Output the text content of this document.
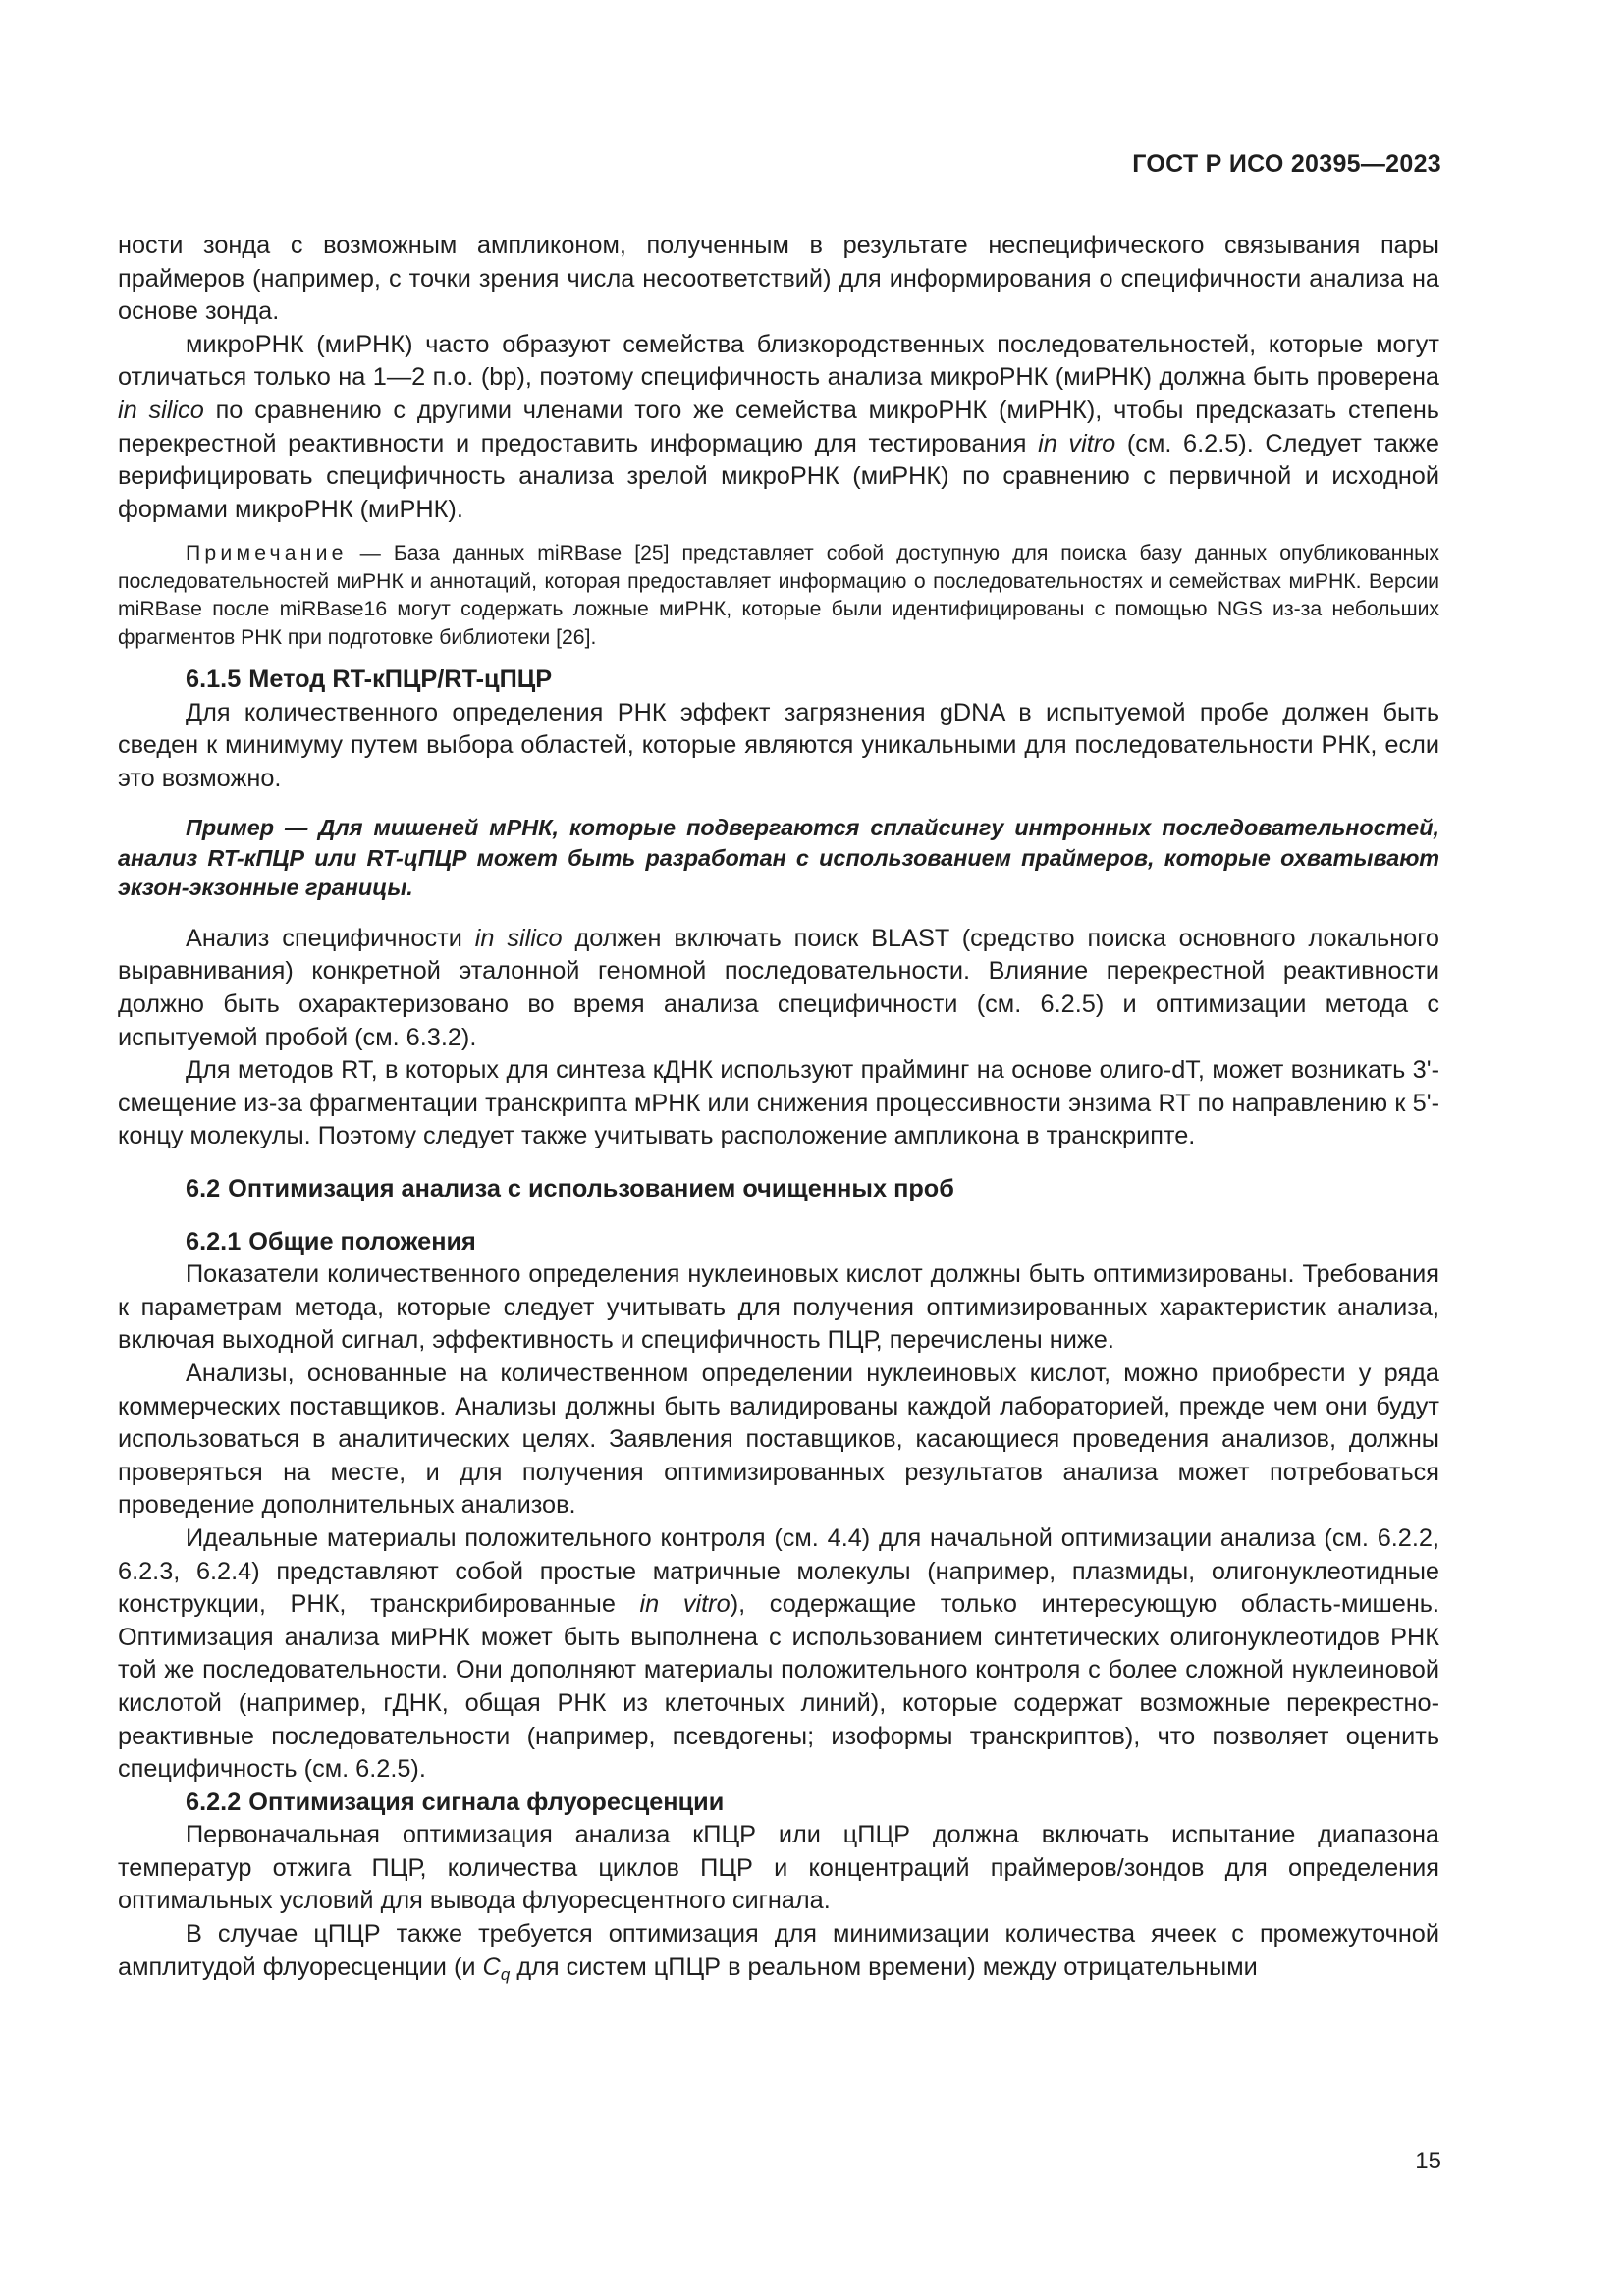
ГОСТ Р ИСО 20395—2023

ности зонда с возможным ампликоном, полученным в результате неспецифического связывания пары праймеров (например, с точки зрения числа несоответствий) для информирования о специфичности анализа на основе зонда.

микроРНК (миРНК) часто образуют семейства близкородственных последовательностей, которые могут отличаться только на 1—2 п.о. (bp), поэтому специфичность анализа микроРНК (миРНК) должна быть проверена in silico по сравнению с другими членами того же семейства микроРНК (миРНК), чтобы предсказать степень перекрестной реактивности и предоставить информацию для тестирования in vitro (см. 6.2.5). Следует также верифицировать специфичность анализа зрелой микроРНК (миРНК) по сравнению с первичной и исходной формами микроРНК (миРНК).

Примечание — База данных miRBase [25] представляет собой доступную для поиска базу данных опубликованных последовательностей миРНК и аннотаций, которая предоставляет информацию о последовательностях и семействах миРНК. Версии miRBase после miRBase16 могут содержать ложные миРНК, которые были идентифицированы с помощью NGS из-за небольших фрагментов РНК при подготовке библиотеки [26].

6.1.5 Метод RT-кПЦР/RT-цПЦР

Для количественного определения РНК эффект загрязнения gDNA в испытуемой пробе должен быть сведен к минимуму путем выбора областей, которые являются уникальными для последовательности РНК, если это возможно.

Пример — Для мишеней мРНК, которые подвергаются сплайсингу интронных последовательностей, анализ RT-кПЦР или RT-цПЦР может быть разработан с использованием праймеров, которые охватывают экзон-экзонные границы.

Анализ специфичности in silico должен включать поиск BLAST (средство поиска основного локального выравнивания) конкретной эталонной геномной последовательности. Влияние перекрестной реактивности должно быть охарактеризовано во время анализа специфичности (см. 6.2.5) и оптимизации метода с испытуемой пробой (см. 6.3.2).

Для методов RT, в которых для синтеза кДНК используют прайминг на основе олиго-dT, может возникать 3'-смещение из-за фрагментации транскрипта мРНК или снижения процессивности энзима RT по направлению к 5'-концу молекулы. Поэтому следует также учитывать расположение ампликона в транскрипте.

6.2 Оптимизация анализа с использованием очищенных проб

6.2.1 Общие положения

Показатели количественного определения нуклеиновых кислот должны быть оптимизированы. Требования к параметрам метода, которые следует учитывать для получения оптимизированных характеристик анализа, включая выходной сигнал, эффективность и специфичность ПЦР, перечислены ниже.

Анализы, основанные на количественном определении нуклеиновых кислот, можно приобрести у ряда коммерческих поставщиков. Анализы должны быть валидированы каждой лабораторией, прежде чем они будут использоваться в аналитических целях. Заявления поставщиков, касающиеся проведения анализов, должны проверяться на месте, и для получения оптимизированных результатов анализа может потребоваться проведение дополнительных анализов.

Идеальные материалы положительного контроля (см. 4.4) для начальной оптимизации анализа (см. 6.2.2, 6.2.3, 6.2.4) представляют собой простые матричные молекулы (например, плазмиды, олигонуклеотидные конструкции, РНК, транскрибированные in vitro), содержащие только интересующую область-мишень. Оптимизация анализа миРНК может быть выполнена с использованием синтетических олигонуклеотидов РНК той же последовательности. Они дополняют материалы положительного контроля с более сложной нуклеиновой кислотой (например, гДНК, общая РНК из клеточных линий), которые содержат возможные перекрестно-реактивные последовательности (например, псевдогены; изоформы транскриптов), что позволяет оценить специфичность (см. 6.2.5).

6.2.2 Оптимизация сигнала флуоресценции

Первоначальная оптимизация анализа кПЦР или цПЦР должна включать испытание диапазона температур отжига ПЦР, количества циклов ПЦР и концентраций праймеров/зондов для определения оптимальных условий для вывода флуоресцентного сигнала.

В случае цПЦР также требуется оптимизация для минимизации количества ячеек с промежуточной амплитудой флуоресценции (и $C_q$ для систем цПЦР в реальном времени) между отрицательными

15
